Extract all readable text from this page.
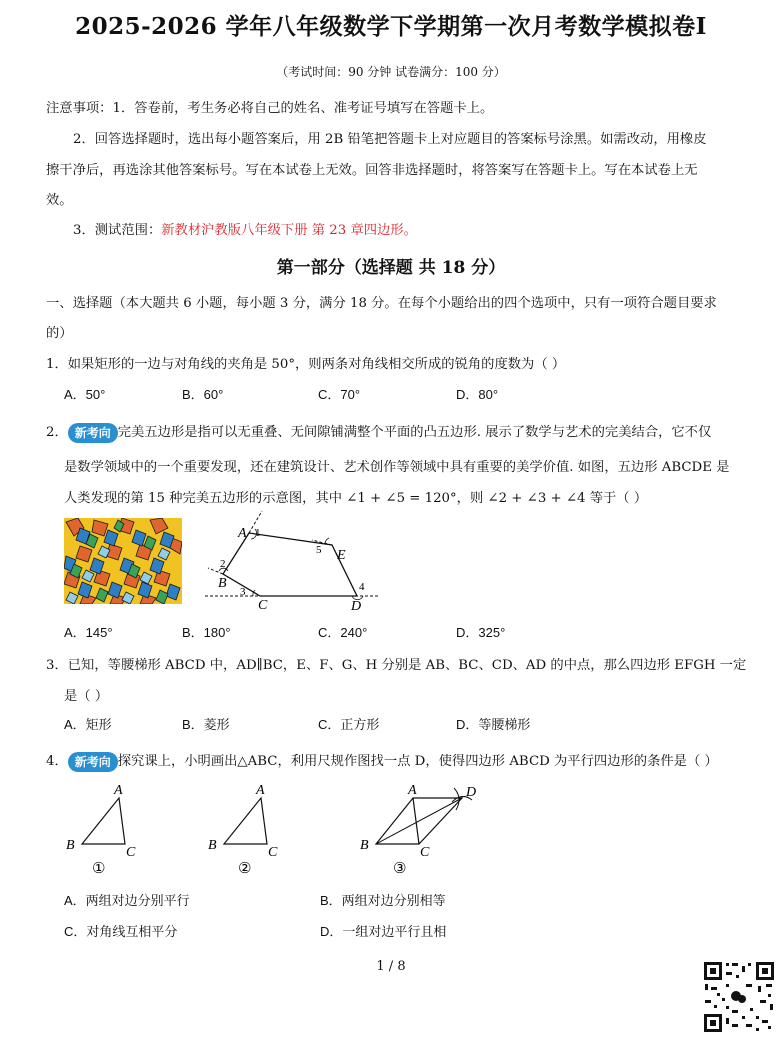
2025-2026 学年八年级数学下学期第一次月考数学模拟卷Ⅰ
（考试时间：90 分钟 试卷满分：100 分）
注意事项：1．答卷前，考生务必将自己的姓名、准考证号填写在答题卡上。
2．回答选择题时，选出每小题答案后，用 2B 铅笔把答题卡上对应题目的答案标号涂黑。如需改动，用橡皮
擦干净后，再选涂其他答案标号。写在本试卷上无效。回答非选择题时，将答案写在答题卡上。写在本试卷上无
效。
3．测试范围：新教材沪教版八年级下册 第 23 章四边形。
第一部分（选择题 共 18 分）
一、选择题（本大题共 6 小题，每小题 3 分，满分 18 分。在每个小题给出的四个选项中，只有一项符合题目要求
的）
1．如果矩形的一边与对角线的夹角是 50°，则两条对角线相交所成的锐角的度数为（ ）
A．50°	B．60°	C．70°	D．80°
2． 新考向 完美五边形是指可以无重叠、无间隙铺满整个平面的凸五边形. 展示了数学与艺术的完美结合，它不仅
是数学领域中的一个重要发现，还在建筑设计、艺术创作等领域中具有重要的美学价值. 如图，五边形 ABCDE 是
人类发现的第 15 种完美五边形的示意图，其中 ∠1 + ∠5 = 120°，则 ∠2 + ∠3 + ∠4 等于（ ）
A
E
D
C
B
1
2
3	4
5
A．145°	B．180°	C．240°	D．325°
3．已知，等腰梯形 ABCD 中，AD∥BC，E、F、G、H 分别是 AB、BC、CD、AD 的中点，那么四边形 EFGH 一定
是（ ）
A．矩形	B．菱形	C．正方形	D．等腰梯形
4． 新考向 探究课上，小明画出△ABC，利用尺规作图找一点 D，使得四边形 ABCD 为平行四边形的条件是（ ）
A
B	C
①
A
B	C
②
A
B	C
D
③
A．两组对边分别平行	B．两组对边分别相等
C．对角线互相平分	D．一组对边平行且相
1 / 8
